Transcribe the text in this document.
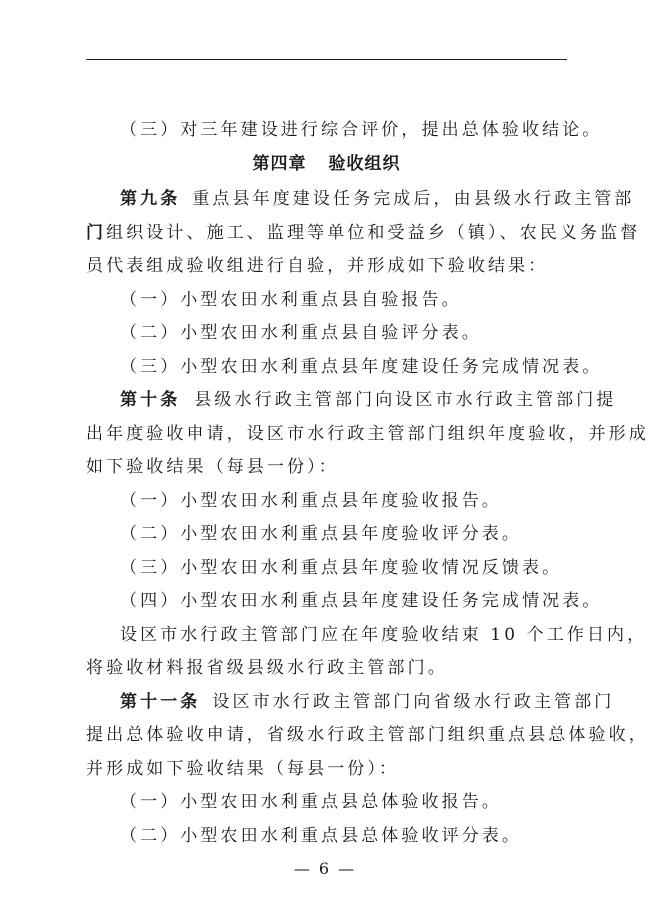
（三）对三年建设进行综合评价，提出总体验收结论。
第四章 验收组织
第九条 重点县年度建设任务完成后，由县级水行政主管部
门组织设计、施工、监理等单位和受益乡（镇）、农民义务监督
员代表组成验收组进行自验，并形成如下验收结果：
（一）小型农田水利重点县自验报告。
（二）小型农田水利重点县自验评分表。
（三）小型农田水利重点县年度建设任务完成情况表。
第十条 县级水行政主管部门向设区市水行政主管部门提
出年度验收申请，设区市水行政主管部门组织年度验收，并形成
如下验收结果（每县一份）：
（一）小型农田水利重点县年度验收报告。
（二）小型农田水利重点县年度验收评分表。
（三）小型农田水利重点县年度验收情况反馈表。
（四）小型农田水利重点县年度建设任务完成情况表。
设区市水行政主管部门应在年度验收结束 10 个工作日内，
将验收材料报省级县级水行政主管部门。
第十一条 设区市水行政主管部门向省级水行政主管部门
提出总体验收申请，省级水行政主管部门组织重点县总体验收，
并形成如下验收结果（每县一份）：
（一）小型农田水利重点县总体验收报告。
（二）小型农田水利重点县总体验收评分表。
— 6 —
